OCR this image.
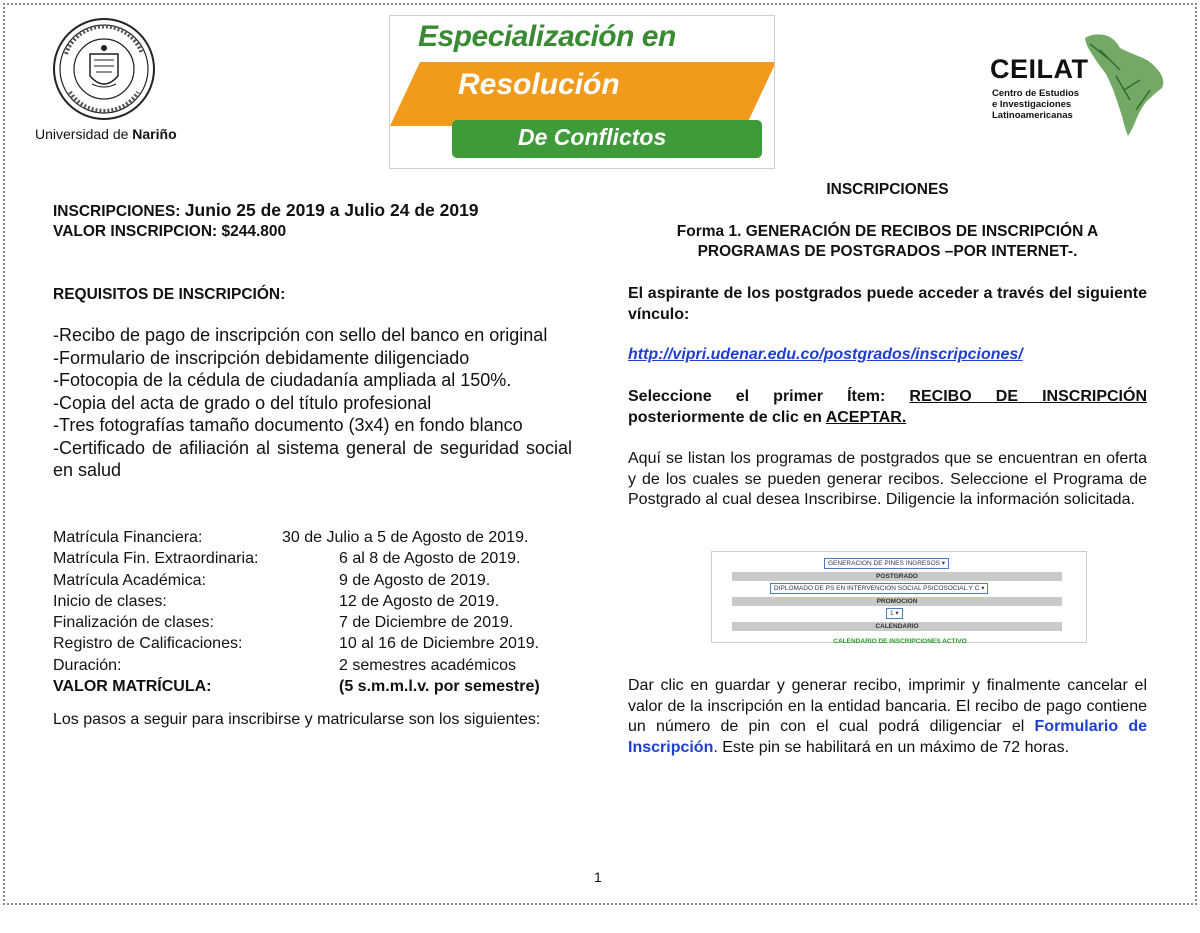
Universidad de Nariño
Especialización en
Resolución
De Conflictos
CEILAT
Centro de Estudios
e Investigaciones
Latinoamericanas
INSCRIPCIONES: Junio 25 de 2019 a Julio 24 de 2019
VALOR INSCRIPCION: $244.800
REQUISITOS DE INSCRIPCIÓN:
-Recibo de pago de inscripción con sello del banco en original
-Formulario de inscripción debidamente diligenciado
-Fotocopia de la cédula de ciudadanía ampliada al 150%.
-Copia del acta de grado o del título profesional
-Tres fotografías tamaño documento (3x4) en fondo blanco
-Certificado de afiliación al sistema general de seguridad social en salud
Matrícula Financiera:	30 de Julio a 5 de Agosto de 2019.
Matrícula Fin. Extraordinaria:	6 al 8 de Agosto de 2019.
Matrícula Académica:	9 de Agosto de 2019.
Inicio de clases:	12 de Agosto de 2019.
Finalización de clases:	7 de Diciembre de 2019.
Registro de Calificaciones:	10 al 16 de Diciembre 2019.
Duración:	2 semestres académicos
VALOR MATRÍCULA:	(5 s.m.m.l.v. por semestre)
Los pasos a seguir para inscribirse y matricularse son los siguientes:
INSCRIPCIONES
Forma 1. GENERACIÓN DE RECIBOS DE INSCRIPCIÓN A
PROGRAMAS DE POSTGRADOS –POR INTERNET-.
El aspirante de los postgrados puede acceder a través del siguiente vínculo:
http://vipri.udenar.edu.co/postgrados/inscripciones/
Seleccione el primer Ítem: RECIBO DE INSCRIPCIÓN posteriormente de clic en ACEPTAR.
Aquí se listan los programas de postgrados que se encuentran en oferta y de los cuales se pueden generar recibos. Seleccione el Programa de Postgrado al cual desea Inscribirse. Diligencie la información solicitada.
GENERACION DE PINES INGRESOS ▾
POSTGRADO
DIPLOMADO DE PS EN INTERVENCION SOCIAL PSICOSOCIAL Y C ▾
PROMOCION
1 ▾
CALENDARIO
CALENDARIO DE INSCRIPCIONES ACTIVO
Dar clic en guardar y generar recibo, imprimir y finalmente cancelar el valor de la inscripción en la entidad bancaria. El recibo de pago contiene un número de pin con el cual podrá diligenciar el Formulario de Inscripción. Este pin se habilitará en un máximo de 72 horas.
1
